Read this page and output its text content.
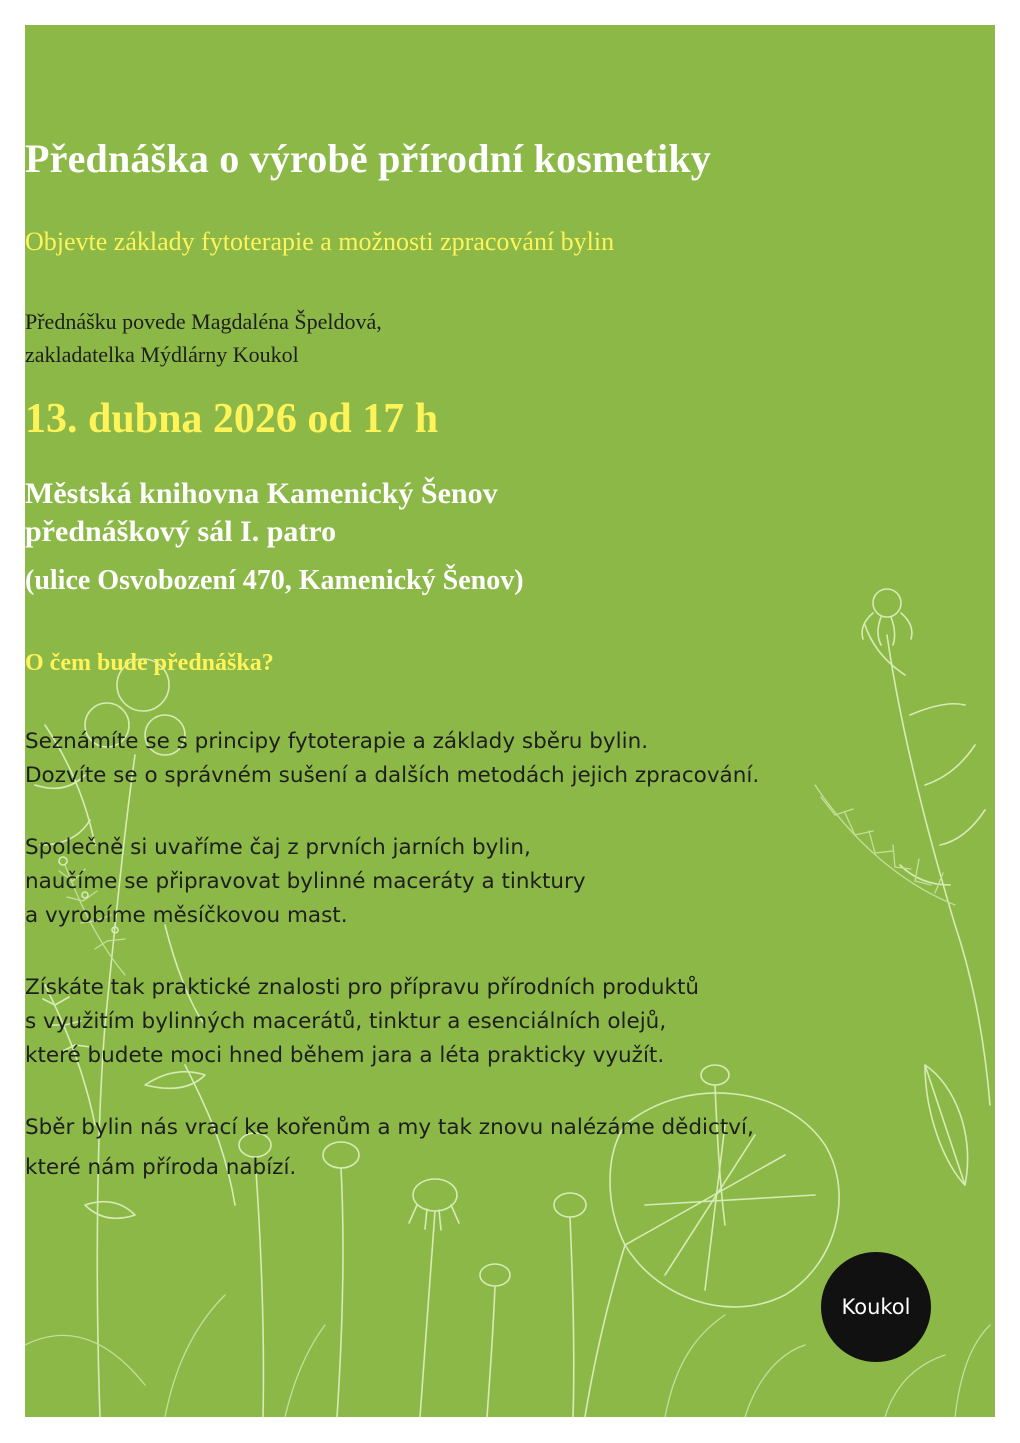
Přednáška o výrobě přírodní kosmetiky
Objevte základy fytoterapie a možnosti zpracování bylin
Přednášku povede Magdaléna Špeldová,
zakladatelka Mýdlárny Koukol
13. dubna 2026 od 17 h
Městská knihovna Kamenický Šenov
přednáškový sál I. patro
(ulice Osvobození 470, Kamenický Šenov)
O čem bude přednáška?
Seznámíte se s principy fytoterapie a základy sběru bylin.
Dozvíte se o správném sušení a dalších metodách jejich zpracování.
Společně si uvaříme čaj z prvních jarních bylin,
naučíme se připravovat bylinné maceráty a tinktury
a vyrobíme měsíčkovou mast.
Získáte tak praktické znalosti pro přípravu přírodních produktů
s využitím bylinných macerátů, tinktur a esenciálních olejů,
které budete moci hned během jara a léta prakticky využít.
Sběr bylin nás vrací ke kořenům a my tak znovu nalézáme dědictví,
které nám příroda nabízí.
Koukol
